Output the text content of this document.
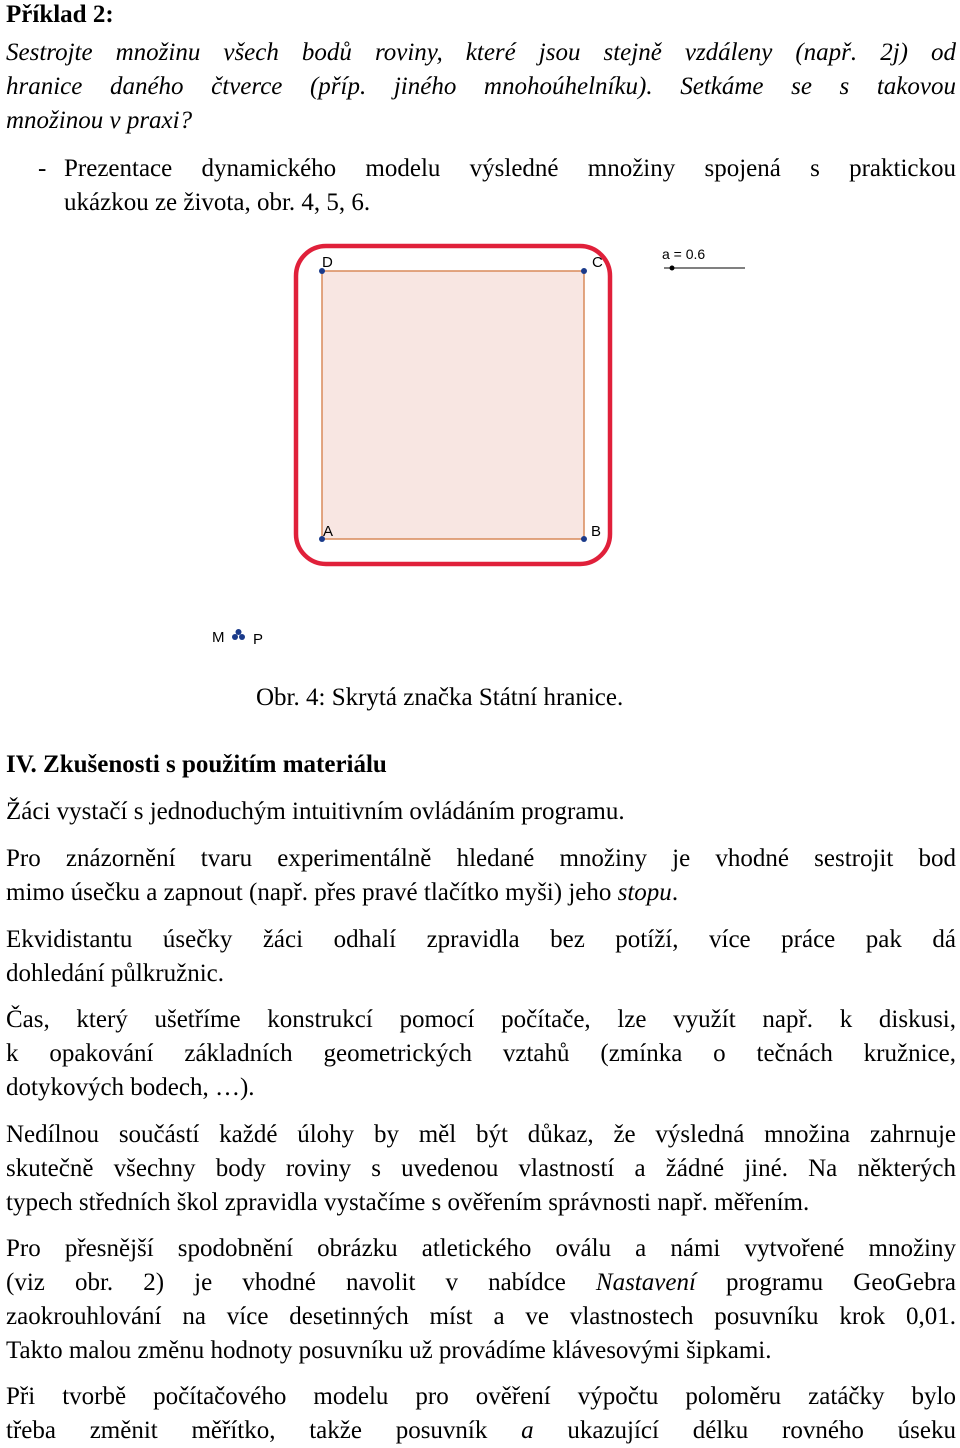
Příklad 2:
Sestrojte množinu všech bodů roviny, které jsou stejně vzdáleny (např. 2j) od
hranice daného čtverce (příp. jiného mnohoúhelníku). Setkáme se s takovou
množinou v praxi?
- Prezentace dynamického modelu výsledné množiny spojená s praktickou
ukázkou ze života, obr. 4, 5, 6.
D	C
A	B
a = 0.6
M P
Obr. 4: Skrytá značka Státní hranice.
IV. Zkušenosti s použitím materiálu
Žáci vystačí s jednoduchým intuitivním ovládáním programu.
Pro znázornění tvaru experimentálně hledané množiny je vhodné sestrojit bod
mimo úsečku a zapnout (např. přes pravé tlačítko myši) jeho stopu.
Ekvidistantu úsečky žáci odhalí zpravidla bez potíží, více práce pak dá
dohledání půlkružnic.
Čas, který ušetříme konstrukcí pomocí počítače, lze využít např. k diskusi,
k opakování základních geometrických vztahů (zmínka o tečnách kružnice,
dotykových bodech, …).
Nedílnou součástí každé úlohy by měl být důkaz, že výsledná množina zahrnuje
skutečně všechny body roviny s uvedenou vlastností a žádné jiné. Na některých
typech středních škol zpravidla vystačíme s ověřením správnosti např. měřením.
Pro přesnější spodobnění obrázku atletického oválu a námi vytvořené množiny
(viz obr. 2) je vhodné navolit v nabídce Nastavení programu GeoGebra
zaokrouhlování na více desetinných míst a ve vlastnostech posuvníku krok 0,01.
Takto malou změnu hodnoty posuvníku už provádíme klávesovými šipkami.
Při tvorbě počítačového modelu pro ověření výpočtu poloměru zatáčky bylo
třeba změnit měřítko, takže posuvník a ukazující délku rovného úseku
